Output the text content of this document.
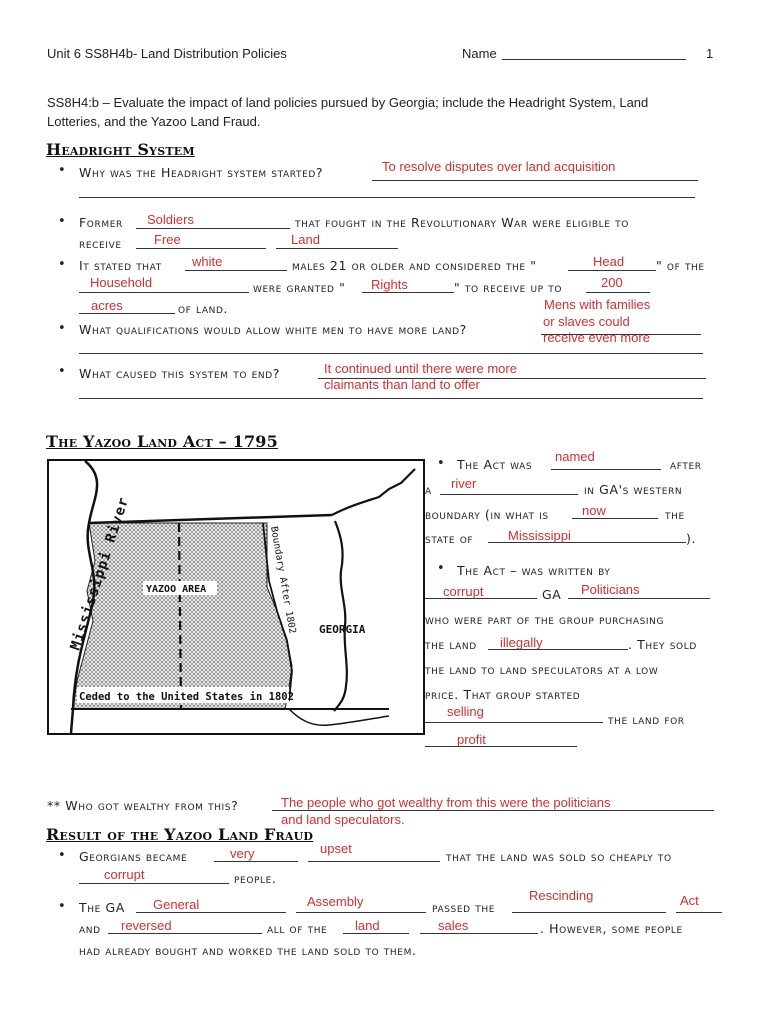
Unit 6 SS8H4b- Land Distribution Policies	Name	1
SS8H4:b – Evaluate the impact of land policies pursued by Georgia; include the Headright System, Land
Lotteries, and the Yazoo Land Fraud.
Headright System
• Why was the Headright system started?	To resolve disputes over land acquisition
• Former Soldiers	that fought in the Revolutionary War were eligible to
receive Free	Land
• It stated that white	males 21 or older and considered the "	Head	" of the
Household	were granted " Rights	" to receive up to	200
acres	of land.
• What qualifications would allow white men to have more land?
Mens with families
or slaves could
receive even more
• What caused this system to end?	It continued until there were more
claimants than land to offer
The Yazoo Land Act – 1795
Mississippi River YAZOO AREA	Boundary After 1802 GEORGIA
Ceded to the United States in 1802
• The Act was
named
after
a river	in GA's western
boundary (in what is	now	the
state of	Mississippi	).
• The Act – was written by
corrupt	GA Politicians
who were part of the group purchasing
the land illegally	. They sold
the land to land speculators at a low
price. That group started
selling
the land for
profit
** Who got wealthy from this?	The people who got wealthy from this were the politicians
and land speculators.
Result of the Yazoo Land Fraud
• Georgians became	very	upset
that the land was sold so cheaply to
corrupt	people.
• The GA General	Assembly	passed the
Rescinding	Act
and reversed	all of the land	sales	. However, some people
had already bought and worked the land sold to them.
